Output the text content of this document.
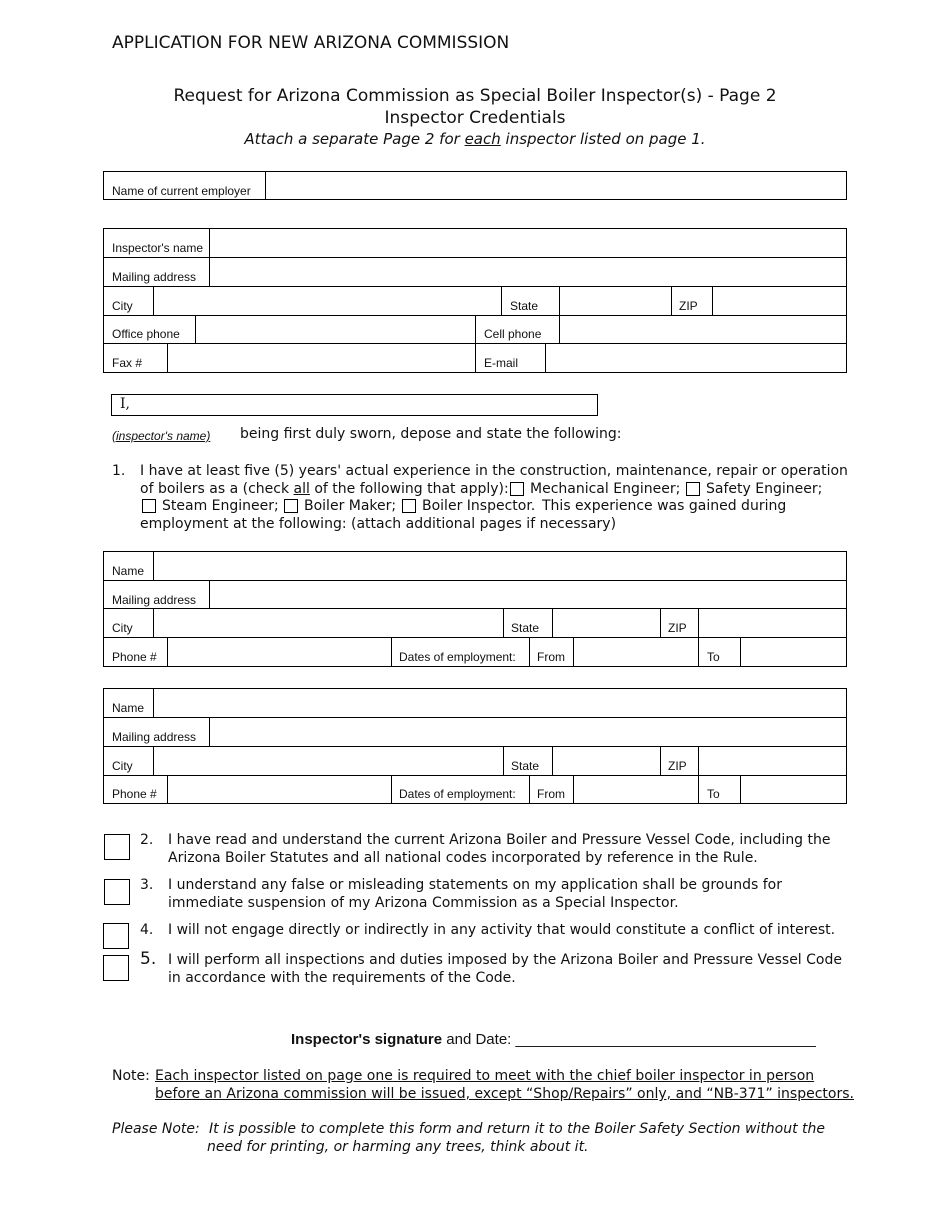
APPLICATION FOR NEW ARIZONA COMMISSION
Request for Arizona Commission as Special Boiler Inspector(s) - Page 2
Inspector Credentials
Attach a separate Page 2 for each inspector listed on page 1.
Name of current employer
Inspector's name
Mailing address
City	State	ZIP
Office phone	Cell phone
Fax #	E-mail
I,
(inspector's name) being first duly sworn, depose and state the following:
1. I have at least five (5) years' actual experience in the construction, maintenance, repair or operation
of boilers as a (check all of the following that apply): Mechanical Engineer; Safety Engineer;
Steam Engineer; Boiler Maker; Boiler Inspector. This experience was gained during
employment at the following: (attach additional pages if necessary)
Name
Mailing address
City	State	ZIP
Phone #	Dates of employment: From	To
Name
Mailing address
City	State	ZIP
Phone #	Dates of employment: From	To
2. I have read and understand the current Arizona Boiler and Pressure Vessel Code, including the
Arizona Boiler Statutes and all national codes incorporated by reference in the Rule.
3. I understand any false or misleading statements on my application shall be grounds for
immediate suspension of my Arizona Commission as a Special Inspector.
4. I will not engage directly or indirectly in any activity that would constitute a conflict of interest.
5. I will perform all inspections and duties imposed by the Arizona Boiler and Pressure Vessel Code
in accordance with the requirements of the Code.
Inspector's signature and Date: ____________________________________
Note: Each inspector listed on page one is required to meet with the chief boiler inspector in person
before an Arizona commission will be issued, except “Shop/Repairs” only, and “NB-371” inspectors.
Please Note: It is possible to complete this form and return it to the Boiler Safety Section without the
need for printing, or harming any trees, think about it.
